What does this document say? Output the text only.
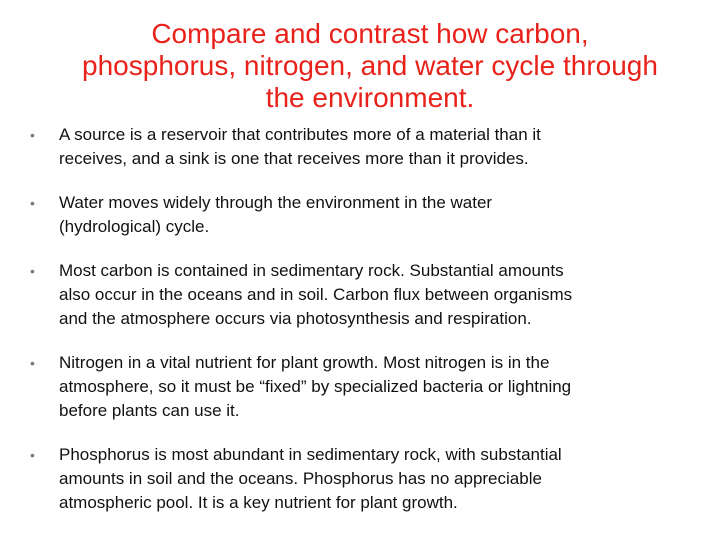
Compare and contrast how carbon,
phosphorus, nitrogen, and water cycle through
the environment.
•	A source is a reservoir that contributes more of a material than it
receives, and a sink is one that receives more than it provides.
•	Water moves widely through the environment in the water
(hydrological) cycle.
•	Most carbon is contained in sedimentary rock. Substantial amounts
also occur in the oceans and in soil. Carbon flux between organisms
and the atmosphere occurs via photosynthesis and respiration.
•	Nitrogen in a vital nutrient for plant growth. Most nitrogen is in the
atmosphere, so it must be “fixed” by specialized bacteria or lightning
before plants can use it.
•	Phosphorus is most abundant in sedimentary rock, with substantial
amounts in soil and the oceans. Phosphorus has no appreciable
atmospheric pool. It is a key nutrient for plant growth.
